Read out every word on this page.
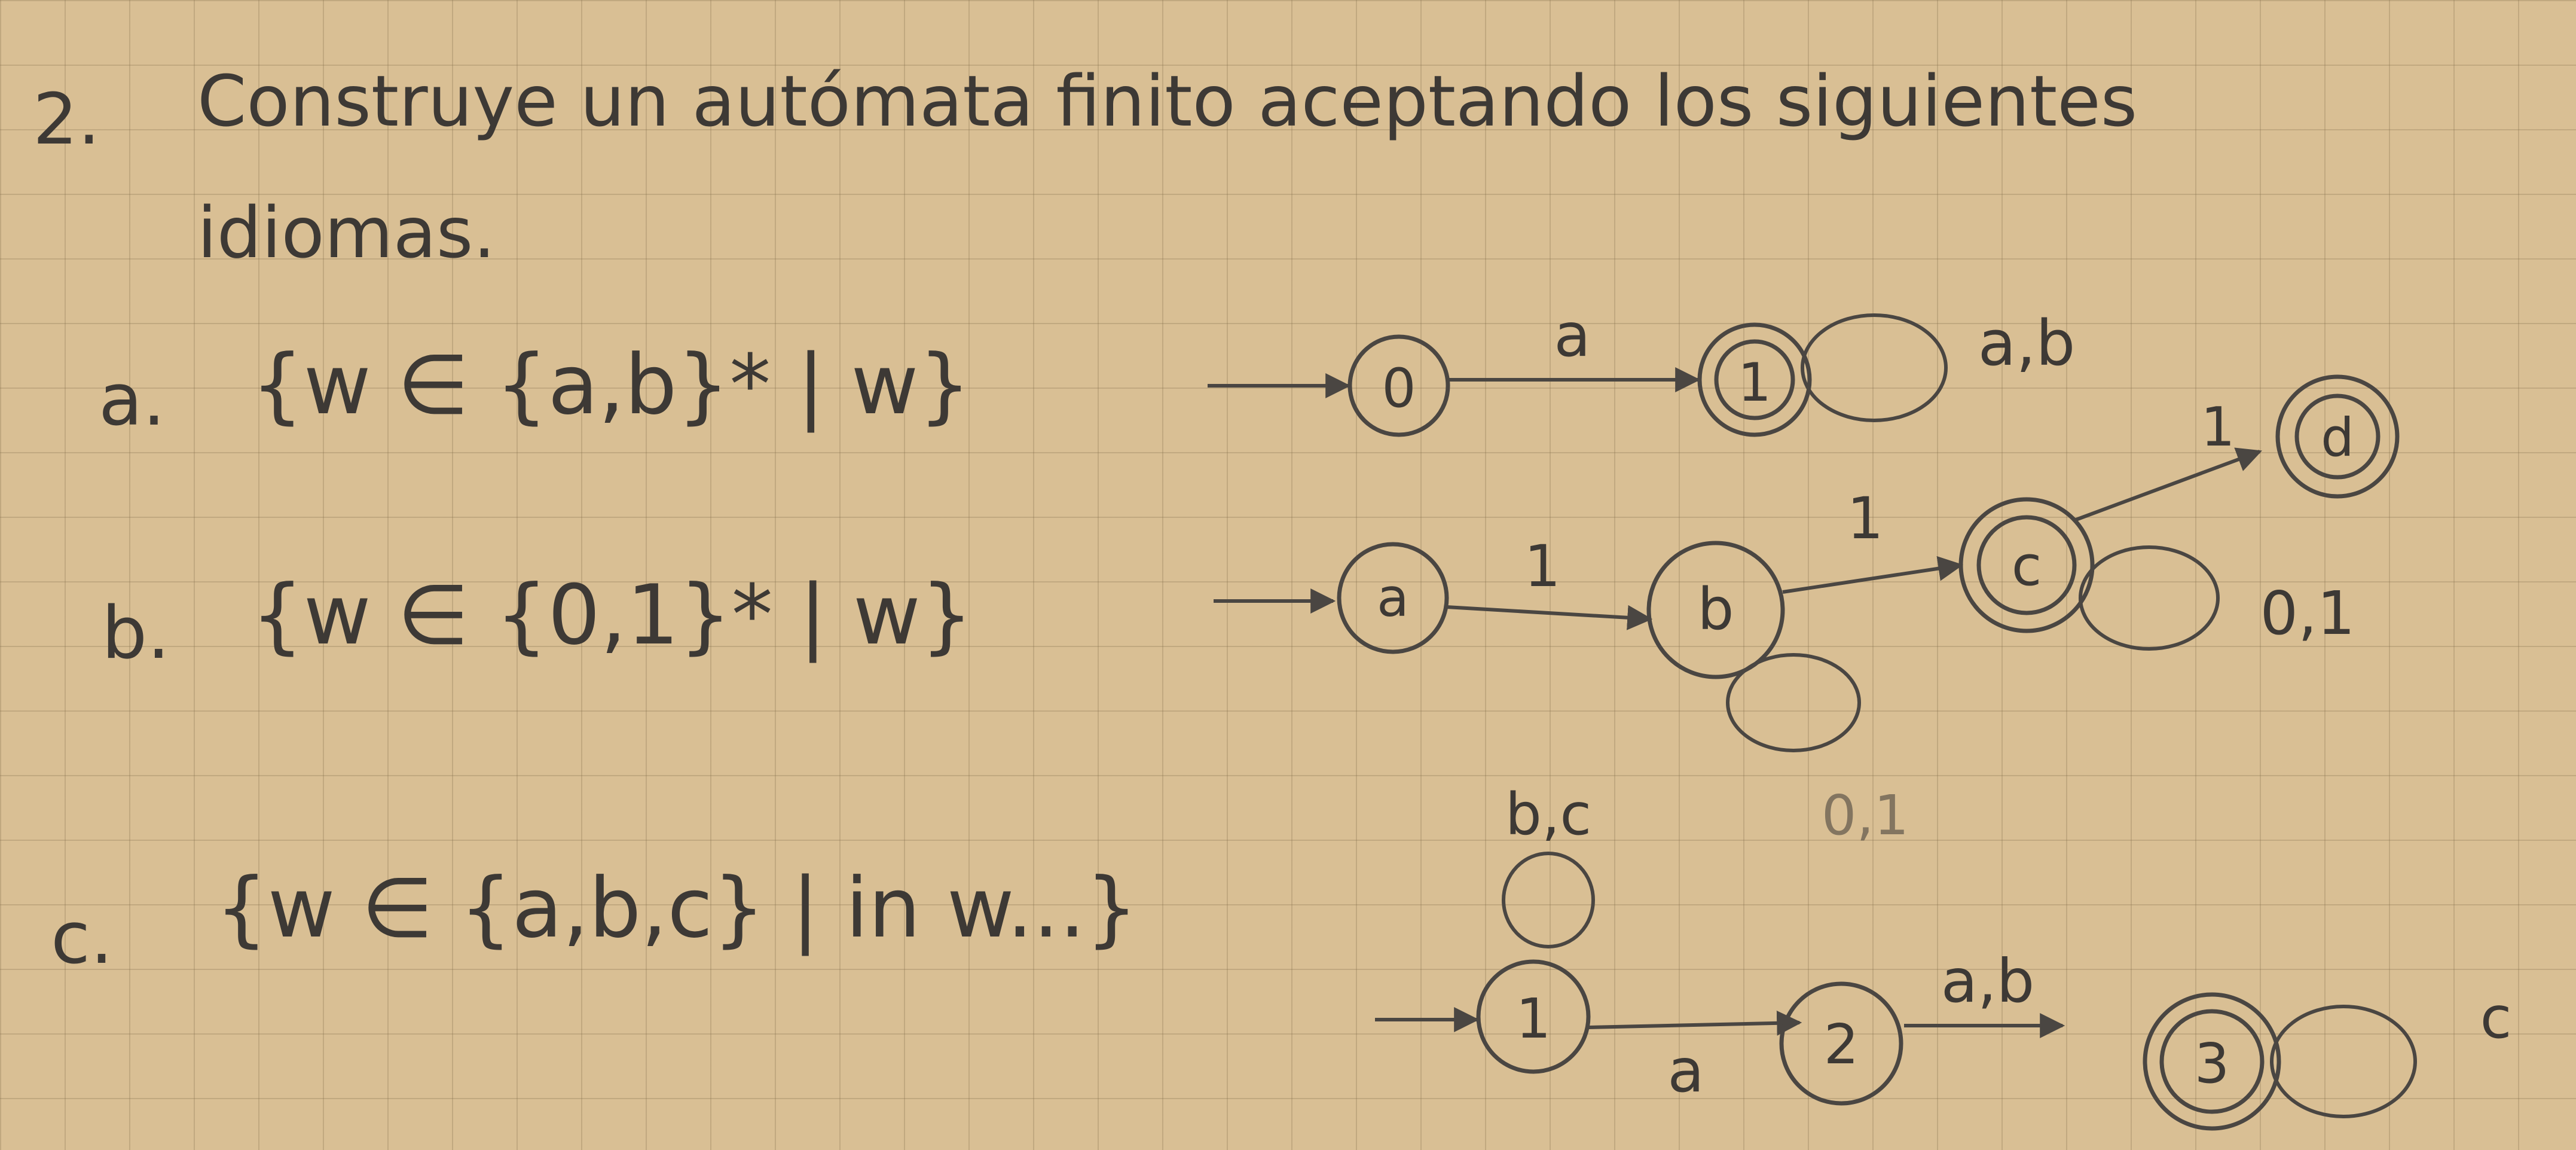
2. Construye un autómata finito aceptando los siguientes
idiomas.
a. {w ∈ {a,b}* | w}
b. {w ∈ {0,1}* | w}
c. {w ∈ {a,b,c} | in w...}
0
a
1
a,b
a 1
b
1
c
0,1
1 d
b,c	0,1
1
a 2
a,b
3
c
